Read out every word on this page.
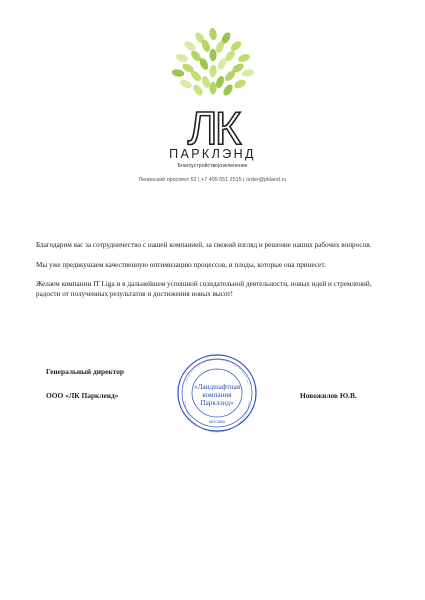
ЛК
ПАРКЛЭНД
Благоустройство|озеленение
Ленинский проспект 52 | +7 495 651 2515 | order@pkland.ru

Благодарим вас за сотрудничество с нашей компанией, за свежий взгляд и решение наших рабочих вопросов.

Мы уже предвкушаем качественную оптимизацию процессов, и плоды, которые она принесет.

Желаем компании IT Liga и в дальнейшем успешной созидательной деятельности, новых идей и стремлений, радости от полученных результатов и достижения новых высот!

Генеральный директор
ООО «ЛК Паркленд»	Новожилов Ю.В.
«Ландшафтная
компания
Парклэнд»
МОСКВА
